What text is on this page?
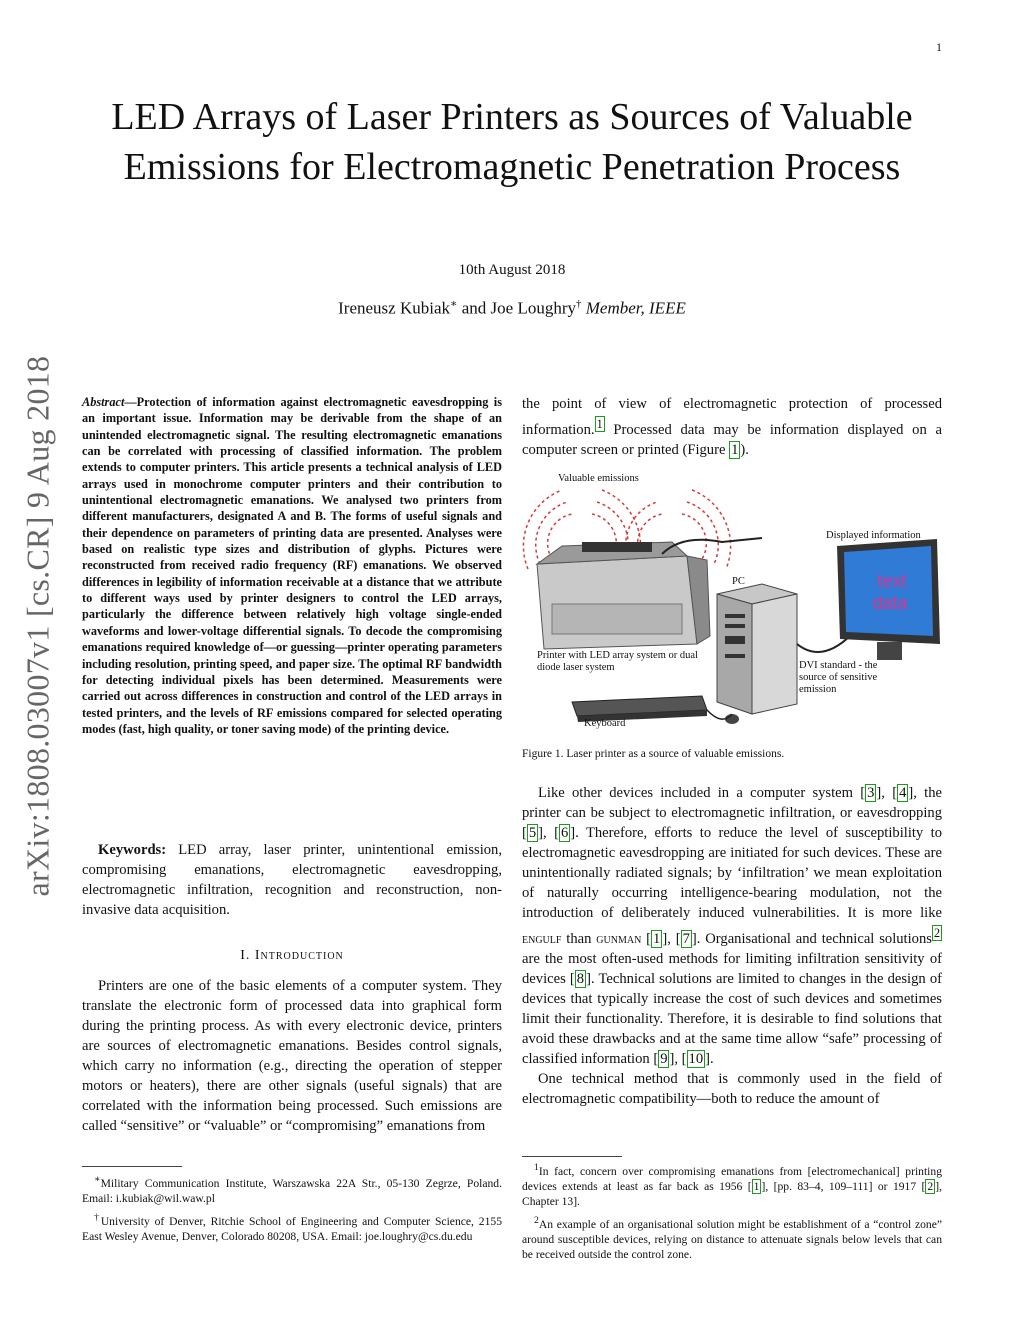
1
LED Arrays of Laser Printers as Sources of Valuable Emissions for Electromagnetic Penetration Process
10th August 2018
Ireneusz Kubiak∗ and Joe Loughry† Member, IEEE
arXiv:1808.03007v1 [cs.CR] 9 Aug 2018 Abstract—Protection of information against electromagnetic eavesdropping is an important issue. Information may be derivable from the shape of an unintended electromagnetic signal. The resulting electromagnetic emanations can be correlated with processing of classified information. The problem extends to computer printers. This article presents a technical analysis of LED arrays used in monochrome computer printers and their contribution to unintentional electromagnetic emanations. We analysed two printers from different manufacturers, designated A and B. The forms of useful signals and their dependence on parameters of printing data are presented. Analyses were based on realistic type sizes and distribution of glyphs. Pictures were reconstructed from received radio frequency (RF) emanations. We observed differences in legibility of information receivable at a distance that we attribute to different ways used by printer designers to control the LED arrays, particularly the difference between relatively high voltage single-ended waveforms and lower-voltage differential signals. To decode the compromising emanations required knowledge of—or guessing—printer operating parameters including resolution, printing speed, and paper size. The optimal RF bandwidth for detecting individual pixels has been determined. Measurements were carried out across differences in construction and control of the LED arrays in tested printers, and the levels of RF emissions compared for selected operating modes (fast, high quality, or toner saving mode) of the printing device.
Keywords: LED array, laser printer, unintentional emission, compromising emanations, electromagnetic eavesdropping, electromagnetic infiltration, recognition and reconstruction, non-invasive data acquisition.
I. Introduction
Printers are one of the basic elements of a computer system. They translate the electronic form of processed data into graphical form during the printing process. As with every electronic device, printers are sources of electromagnetic emanations. Besides control signals, which carry no information (e.g., directing the operation of stepper motors or heaters), there are other signals (useful signals) that are correlated with the information being processed. Such emissions are called “sensitive” or “valuable” or “compromising” emanations from

∗Military Communication Institute, Warszawska 22A Str., 05-130 Zegrze, Poland. Email: i.kubiak@wil.waw.pl

†University of Denver, Ritchie School of Engineering and Computer Science, 2155 East Wesley Avenue, Denver, Colorado 80208, USA. Email: joe.loughry@cs.du.edu

the point of view of electromagnetic protection of processed information. $^1$ Processed data may be information displayed on a computer screen or printed (Figure 1 ).
text
data
Valuable emissions
Displayed information
PC
Printer with LED array system or dual diode laser system
Keyboard
DVI standard - the source of sensitive emission
Figure 1. Laser printer as a source of valuable emissions.

Like other devices included in a computer system [ 3 ], [ 4 ], the printer can be subject to electromagnetic infiltration, or eavesdropping [ 5 ], [ 6 ]. Therefore, efforts to reduce the level of susceptibility to electromagnetic eavesdropping are initiated for such devices. These are unintentionally radiated signals; by ‘infiltration’ we mean exploitation of naturally occurring intelligence-bearing modulation, not the introduction of deliberately induced vulnerabilities. It is more like engulf than gunman [ 1 ], [ 7 ]. Organisational and technical solutions $^2$ are the most often-used methods for limiting infiltration sensitivity of devices [ 8 ]. Technical solutions are limited to changes in the design of devices that typically increase the cost of such devices and sometimes limit their functionality. Therefore, it is desirable to find solutions that avoid these drawbacks and at the same time allow “safe” processing of classified information [ 9 ], [ 10 ].

One technical method that is commonly used in the field of electromagnetic compatibility—both to reduce the amount of

$^1$In fact, concern over compromising emanations from [electromechanical] printing devices extends at least as far back as 1956 [ 1 ], [pp. 83–4, 109–111] or 1917 [ 2 ], Chapter 13].

$^2$An example of an organisational solution might be establishment of a “control zone” around susceptible devices, relying on distance to attenuate signals below levels that can be received outside the control zone.
